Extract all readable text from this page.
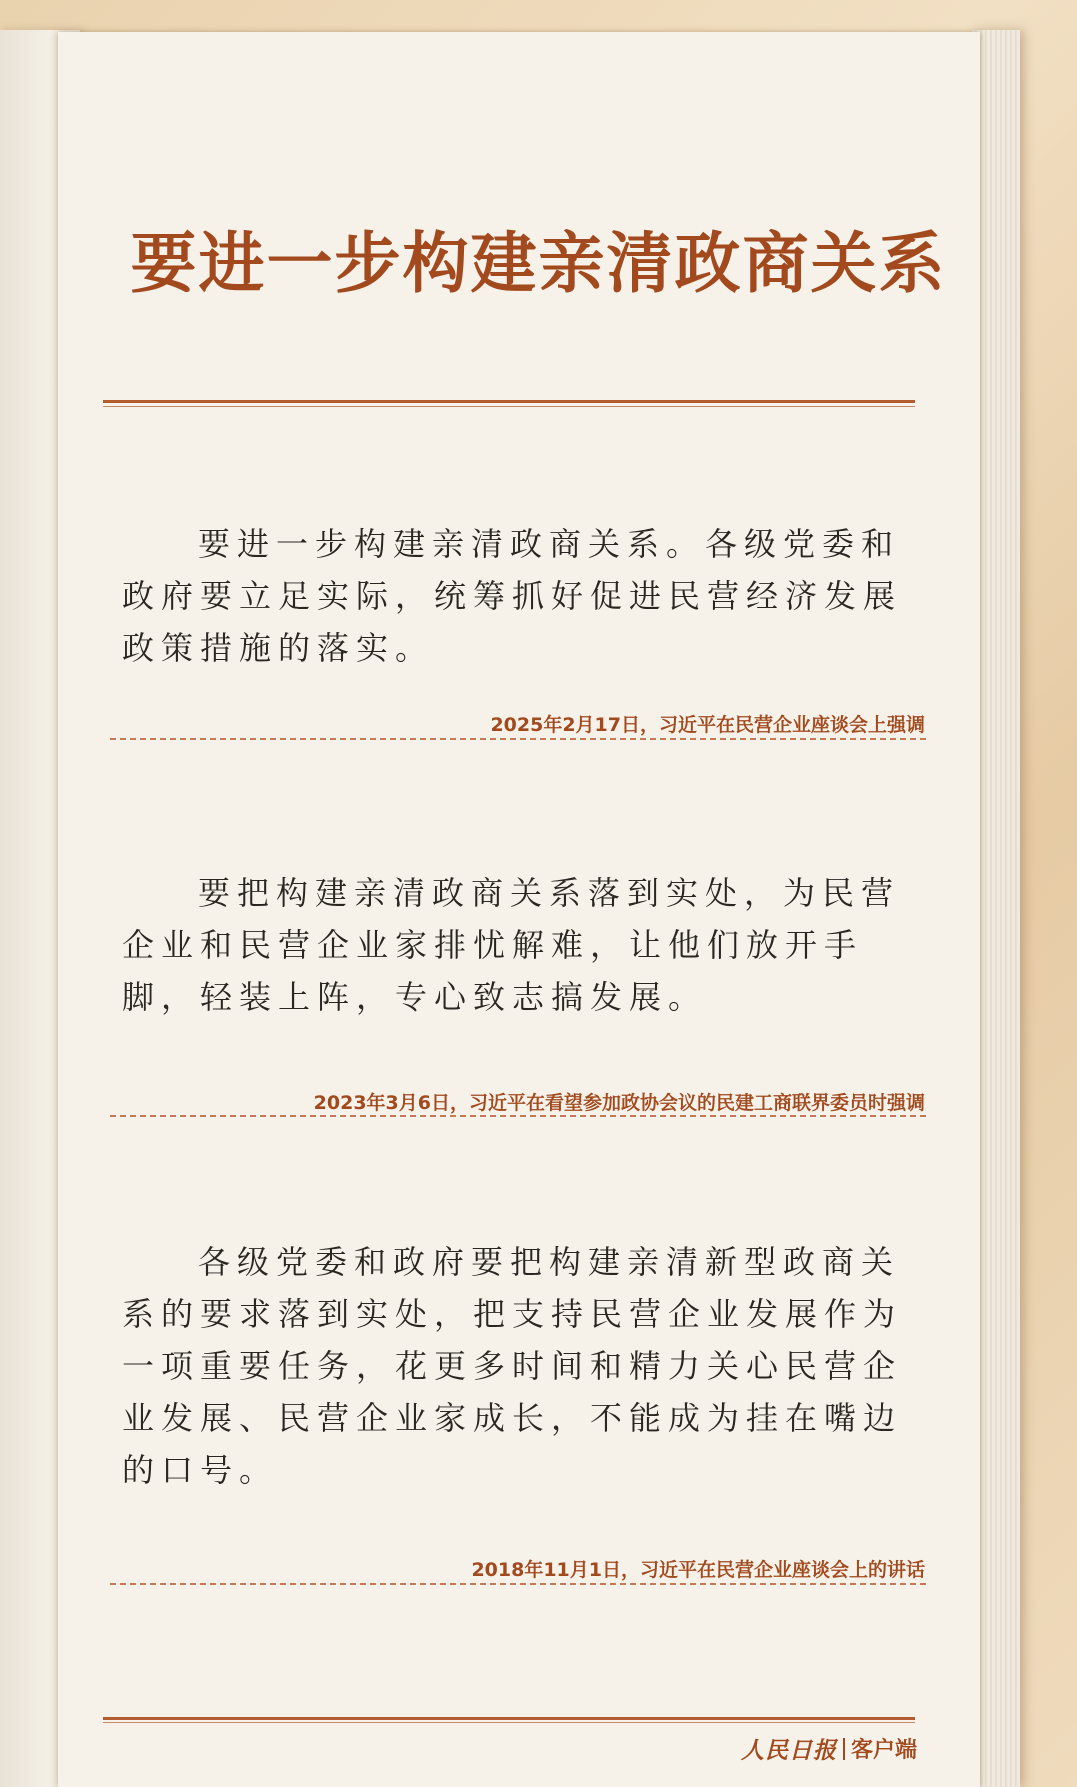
要进一步构建亲清政商关系

要进一步构建亲清政商关系。各级党委和政府要立足实际，统筹抓好促进民营经济发展政策措施的落实。

2025年2月17日，习近平在民营企业座谈会上强调

要把构建亲清政商关系落到实处，为民营企业和民营企业家排忧解难，让他们放开手脚，轻装上阵，专心致志搞发展。

2023年3月6日，习近平在看望参加政协会议的民建工商联界委员时强调

各级党委和政府要把构建亲清新型政商关系的要求落到实处，把支持民营企业发展作为一项重要任务，花更多时间和精力关心民营企业发展、民营企业家成长，不能成为挂在嘴边的口号。

2018年11月1日，习近平在民营企业座谈会上的讲话

人民日报 客户端
